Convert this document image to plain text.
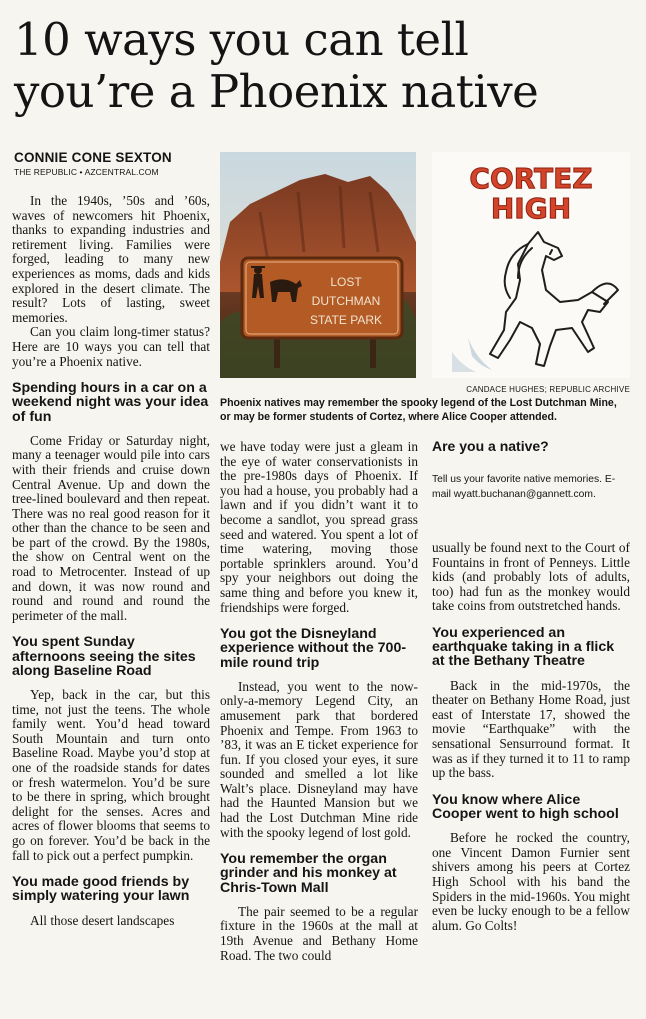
10 ways you can tell
you’re a Phoenix native
CONNIE CONE SEXTON
THE REPUBLIC • AZCENTRAL.COM

In the 1940s, ’50s and ’60s, waves of newcomers hit Phoenix, thanks to expanding industries and retirement living. Families were forged, leading to many new experiences as moms, dads and kids explored in the desert climate. The result? Lots of lasting, sweet memories.

Can you claim long-timer status? Here are 10 ways you can tell that you’re a Phoenix native.

Spending hours in a car on a weekend night was your idea of fun

Come Friday or Saturday night, many a teenager would pile into cars with their friends and cruise down Central Avenue. Up and down the tree-lined boulevard and then repeat. There was no real good reason for it other than the chance to be seen and be part of the crowd. By the 1980s, the show on Central went on the road to Metrocenter. Instead of up and down, it was now round and round and round and round the perimeter of the mall.

You spent Sunday afternoons seeing the sites along Baseline Road

Yep, back in the car, but this time, not just the teens. The whole family went. You’d head toward South Mountain and turn onto Baseline Road. Maybe you’d stop at one of the roadside stands for dates or fresh watermelon. You’d be sure to be there in spring, which brought delight for the senses. Acres and acres of flower blooms that seems to go on forever. You’d be back in the fall to pick out a perfect pumpkin.

You made good friends by simply watering your lawn

All those desert landscapes

LOST
DUTCHMAN
STATE PARK
CORTEZ
HIGH
CANDACE HUGHES; REPUBLIC ARCHIVE
Phoenix natives may remember the spooky legend of the Lost Dutchman Mine, or may be former students of Cortez, where Alice Cooper attended.

we have today were just a gleam in the eye of water conservationists in the pre-1980s days of Phoenix. If you had a house, you probably had a lawn and if you didn’t want it to become a sandlot, you spread grass seed and watered. You spent a lot of time watering, moving those portable sprinklers around. You’d spy your neighbors out doing the same thing and before you knew it, friendships were forged.

You got the Disneyland experience without the 700-mile round trip

Instead, you went to the now-only-a-memory Legend City, an amusement park that bordered Phoenix and Tempe. From 1963 to ’83, it was an E ticket experience for fun. If you closed your eyes, it sure sounded and smelled a lot like Walt’s place. Disneyland may have had the Haunted Mansion but we had the Lost Dutchman Mine ride with the spooky legend of lost gold.

You remember the organ grinder and his monkey at Chris-Town Mall

The pair seemed to be a regular fixture in the 1960s at the mall at 19th Avenue and Bethany Home Road. The two could

Are you a native?

Tell us your favorite native memories. E-mail wyatt.buchanan@gannett.com.

usually be found next to the Court of Fountains in front of Penneys. Little kids (and probably lots of adults, too) had fun as the monkey would take coins from outstretched hands.

You experienced an earthquake taking in a flick at the Bethany Theatre

Back in the mid-1970s, the theater on Bethany Home Road, just east of Interstate 17, showed the movie “Earthquake” with the sensational Sensurround format. It was as if they turned it to 11 to ramp up the bass.

You know where Alice Cooper went to high school

Before he rocked the country, one Vincent Damon Furnier sent shivers among his peers at Cortez High School with his band the Spiders in the mid-1960s. You might even be lucky enough to be a fellow alum. Go Colts!
